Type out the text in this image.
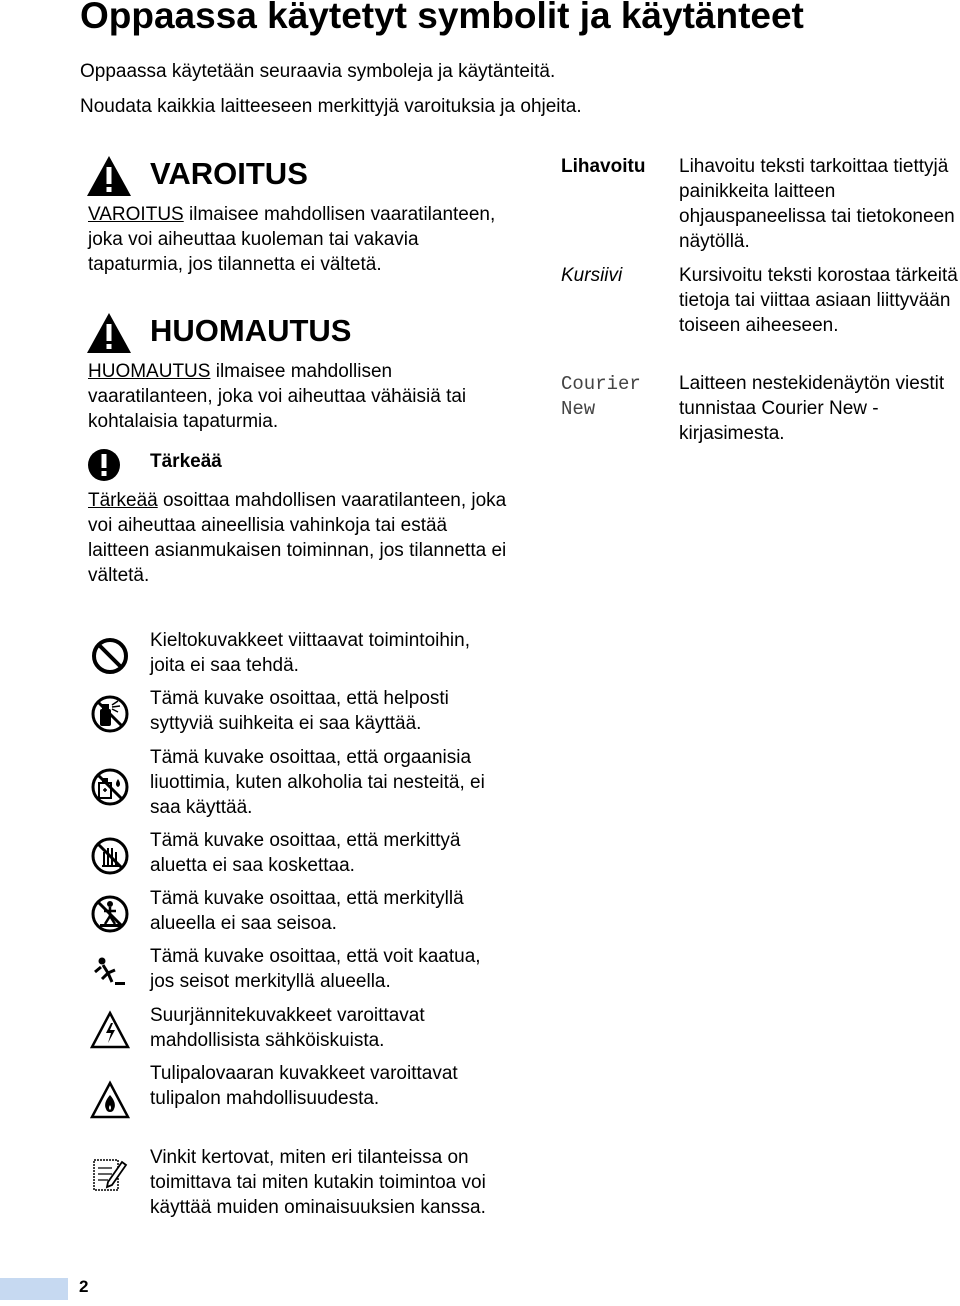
Oppaassa käytetyt symbolit ja käytänteet
Oppaassa käytetään seuraavia symboleja ja käytänteitä.
Noudata kaikkia laitteeseen merkittyjä varoituksia ja ohjeita.
VAROITUS
VAROITUS ilmaisee mahdollisen vaaratilanteen, joka voi aiheuttaa kuoleman tai vakavia tapaturmia, jos tilannetta ei vältetä.
HUOMAUTUS
HUOMAUTUS ilmaisee mahdollisen vaaratilanteen, joka voi aiheuttaa vähäisiä tai kohtalaisia tapaturmia.
Tärkeää
Tärkeää osoittaa mahdollisen vaaratilanteen, joka voi aiheuttaa aineellisia vahinkoja tai estää laitteen asianmukaisen toiminnan, jos tilannetta ei vältetä.
Lihavoitu	Lihavoitu teksti tarkoittaa tiettyjä painikkeita laitteen ohjauspaneelissa tai tietokoneen näytöllä.
Kursiivi	Kursivoitu teksti korostaa tärkeitä tietoja tai viittaa asiaan liittyvään toiseen aiheeseen.
Courier New
Laitteen nestekidenäytön viestit tunnistaa Courier New -kirjasimesta.
Kieltokuvakkeet viittaavat toimintoihin, joita ei saa tehdä.
Tämä kuvake osoittaa, että helposti syttyviä suihkeita ei saa käyttää.
Tämä kuvake osoittaa, että orgaanisia liuottimia, kuten alkoholia tai nesteitä, ei saa käyttää.
Tämä kuvake osoittaa, että merkittyä aluetta ei saa koskettaa.
Tämä kuvake osoittaa, että merkityllä alueella ei saa seisoa.
Tämä kuvake osoittaa, että voit kaatua, jos seisot merkityllä alueella.
Suurjännitekuvakkeet varoittavat mahdollisista sähköiskuista.
Tulipalovaaran kuvakkeet varoittavat tulipalon mahdollisuudesta.
Vinkit kertovat, miten eri tilanteissa on toimittava tai miten kutakin toimintoa voi käyttää muiden ominaisuuksien kanssa.
2
